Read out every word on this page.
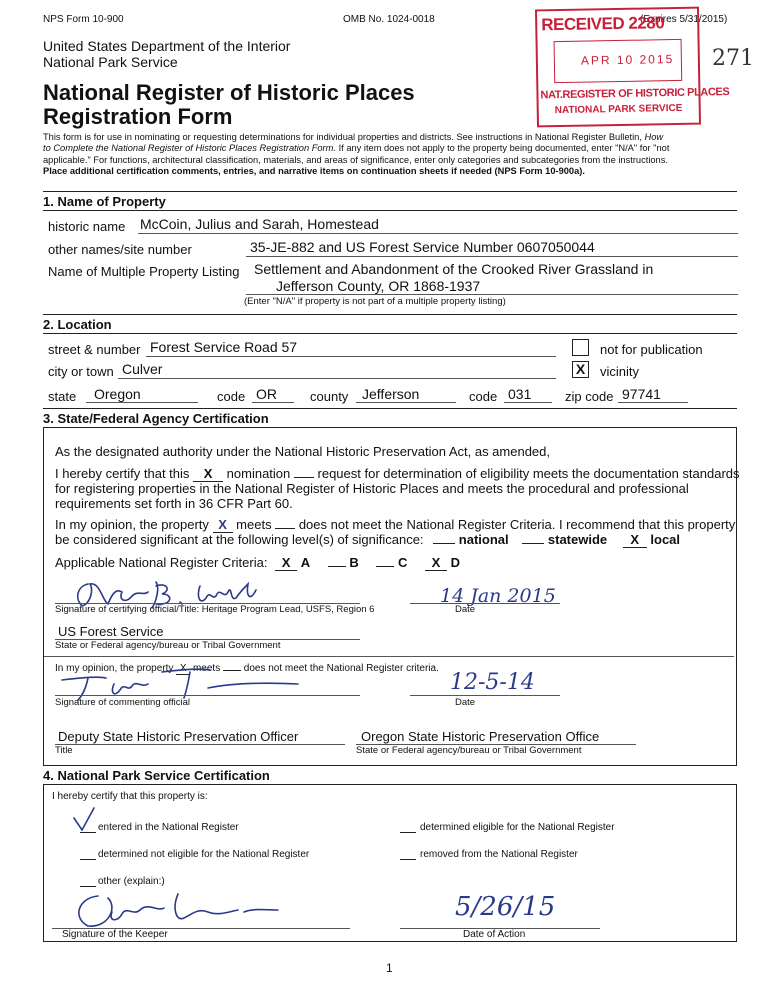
NPS Form 10-900	OMB No. 1024-0018	(Expires 5/31/2015)
United States Department of the Interior
National Park Service
National Register of Historic Places
Registration Form
271
RECEIVED 2280
APR 10 2015
NAT.REGISTER OF HISTORIC PLACES
NATIONAL PARK SERVICE
This form is for use in nominating or requesting determinations for individual properties and districts. See instructions in National Register Bulletin, How
to Complete the National Register of Historic Places Registration Form. If any item does not apply to the property being documented, enter "N/A" for "not
applicable." For functions, architectural classification, materials, and areas of significance, enter only categories and subcategories from the instructions.
Place additional certification comments, entries, and narrative items on continuation sheets if needed (NPS Form 10-900a).
1. Name of Property
historic name McCoin, Julius and Sarah, Homestead
other names/site number	35-JE-882 and US Forest Service Number 0607050044
Name of Multiple Property Listing Settlement and Abandonment of the Crooked River Grassland in
Jefferson County, OR 1868-1937
(Enter "N/A" if property is not part of a multiple property listing)
2. Location
street & number Forest Service Road 57	not for publication
city or town Culver	X vicinity
state Oregon	code OR	county Jefferson	code 031	zip code 97741
3. State/Federal Agency Certification
As the designated authority under the National Historic Preservation Act, as amended,
I hereby certify that this X nomination request for determination of eligibility meets the documentation standards
for registering properties in the National Register of Historic Places and meets the procedural and professional
requirements set forth in 36 CFR Part 60.
In my opinion, the property X meets does not meet the National Register Criteria. I recommend that this property
be considered significant at the following level(s) of significance:	national	statewide X local
Applicable National Register Criteria: X A	B	C X D
14 Jan 2015
Signature of certifying official/Title: Heritage Program Lead, USFS, Region 6	Date
US Forest Service
State or Federal agency/bureau or Tribal Government
In my opinion, the property X meets does not meet the National Register criteria.
12-5-14
Signature of commenting official	Date
Deputy State Historic Preservation Officer	Oregon State Historic Preservation Office
Title	State or Federal agency/bureau or Tribal Government
4. National Park Service Certification
I hereby certify that this property is:
entered in the National Register	determined eligible for the National Register
determined not eligible for the National Register	removed from the National Register
other (explain:)
5/26/15
Signature of the Keeper	Date of Action
1
